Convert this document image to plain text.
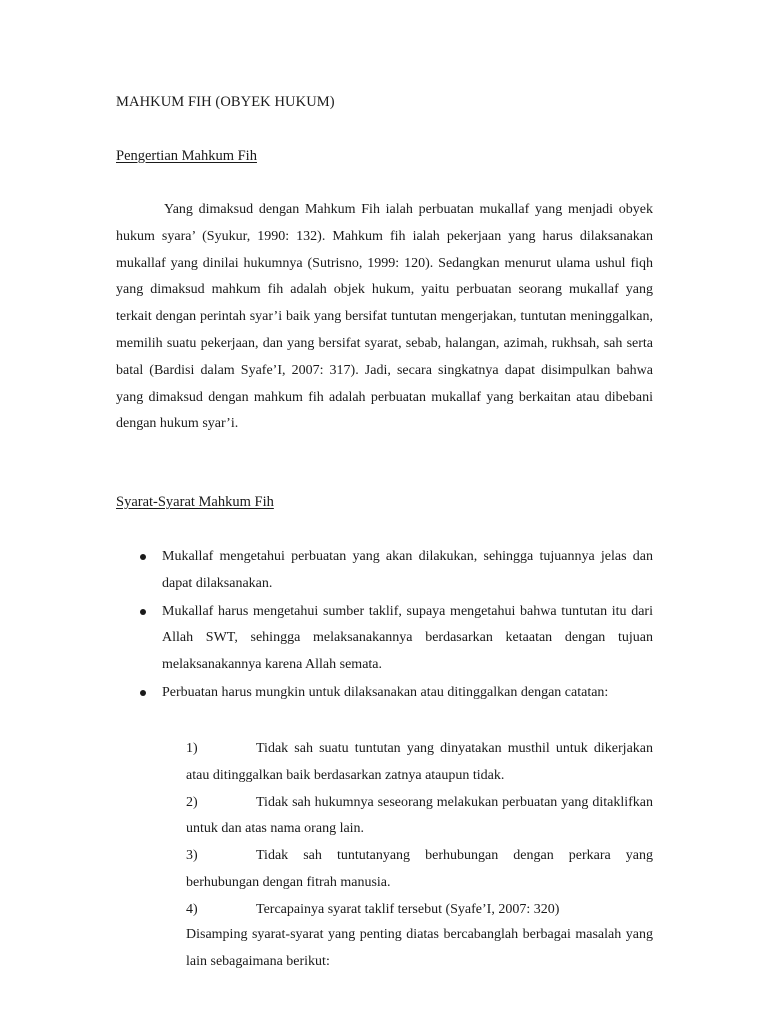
MAHKUM FIH (OBYEK HUKUM)
Pengertian Mahkum Fih

Yang dimaksud dengan Mahkum Fih ialah perbuatan mukallaf yang menjadi obyek hukum syara’ (Syukur, 1990: 132). Mahkum fih ialah pekerjaan yang harus dilaksanakan mukallaf yang dinilai hukumnya (Sutrisno, 1999: 120). Sedangkan menurut ulama ushul fiqh yang dimaksud mahkum fih adalah objek hukum, yaitu perbuatan seorang mukallaf yang terkait dengan perintah syar’i baik yang bersifat tuntutan mengerjakan, tuntutan meninggalkan, memilih suatu pekerjaan, dan yang bersifat syarat, sebab, halangan, azimah, rukhsah, sah serta batal (Bardisi dalam Syafe’I, 2007: 317). Jadi, secara singkatnya dapat disimpulkan bahwa yang dimaksud dengan mahkum fih adalah perbuatan mukallaf yang berkaitan atau dibebani dengan hukum syar’i.

Syarat-Syarat Mahkum Fih
Mukallaf mengetahui perbuatan yang akan dilakukan, sehingga tujuannya jelas dan dapat dilaksanakan.
Mukallaf harus mengetahui sumber taklif, supaya mengetahui bahwa tuntutan itu dari Allah SWT, sehingga melaksanakannya berdasarkan ketaatan dengan tujuan melaksanakannya karena Allah semata.
Perbuatan harus mungkin untuk dilaksanakan atau ditinggalkan dengan catatan:
1)	Tidak sah suatu tuntutan yang dinyatakan musthil untuk dikerjakan atau ditinggalkan baik berdasarkan zatnya ataupun tidak.
2)	Tidak sah hukumnya seseorang melakukan perbuatan yang ditaklifkan untuk dan atas nama orang lain.
3)	Tidak sah tuntutanyang berhubungan dengan perkara yang berhubungan dengan fitrah manusia.
4)	Tercapainya syarat taklif tersebut (Syafe’I, 2007: 320)

Disamping syarat-syarat yang penting diatas bercabanglah berbagai masalah yang lain sebagaimana berikut:
